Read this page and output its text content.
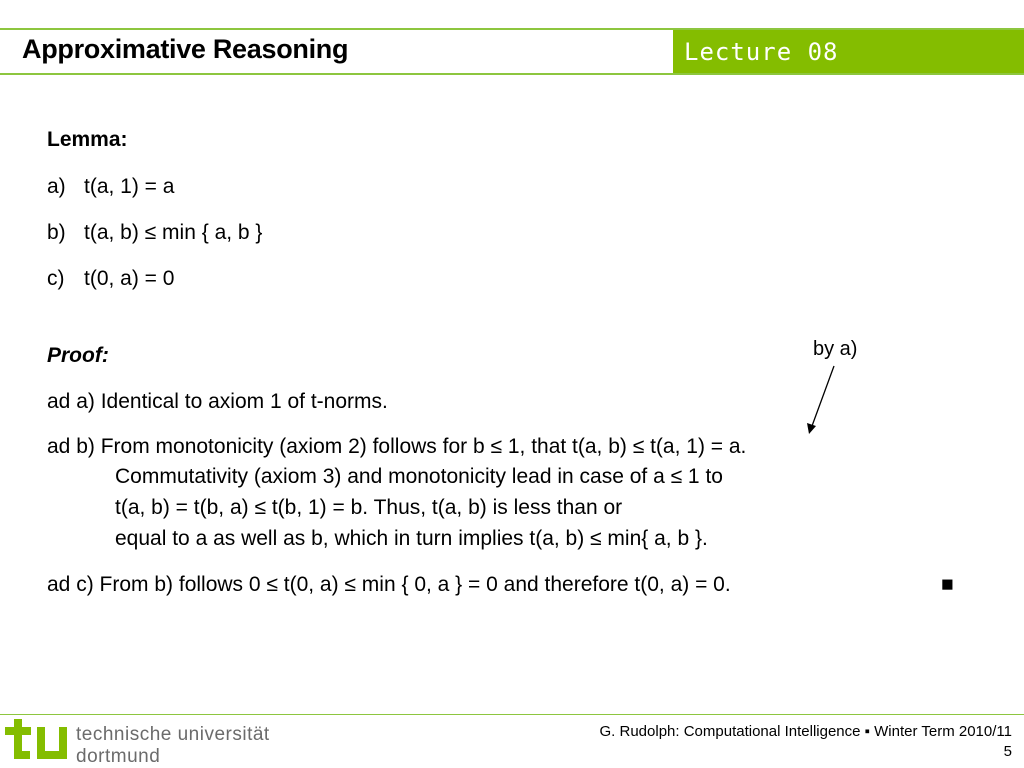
Approximative Reasoning	Lecture 08
Lemma:
a) t(a, 1) = a
b) t(a, b) ≤ min { a, b }
c) t(0, a) = 0
Proof:	by a)
ad a) Identical to axiom 1 of t-norms.
ad b) From monotonicity (axiom 2) follows for b ≤ 1, that t(a, b) ≤ t(a, 1) = a.
Commutativity (axiom 3) and monotonicity lead in case of a ≤ 1 to
t(a, b) = t(b, a) ≤ t(b, 1) = b. Thus, t(a, b) is less than or
equal to a as well as b, which in turn implies t(a, b) ≤ min{ a, b }.
ad c) From b) follows 0 ≤ t(0, a) ≤ min { 0, a } = 0 and therefore t(0, a) = 0.	■
technische universität
dortmund
G. Rudolph: Computational Intelligence ▪ Winter Term 2010/11
5
